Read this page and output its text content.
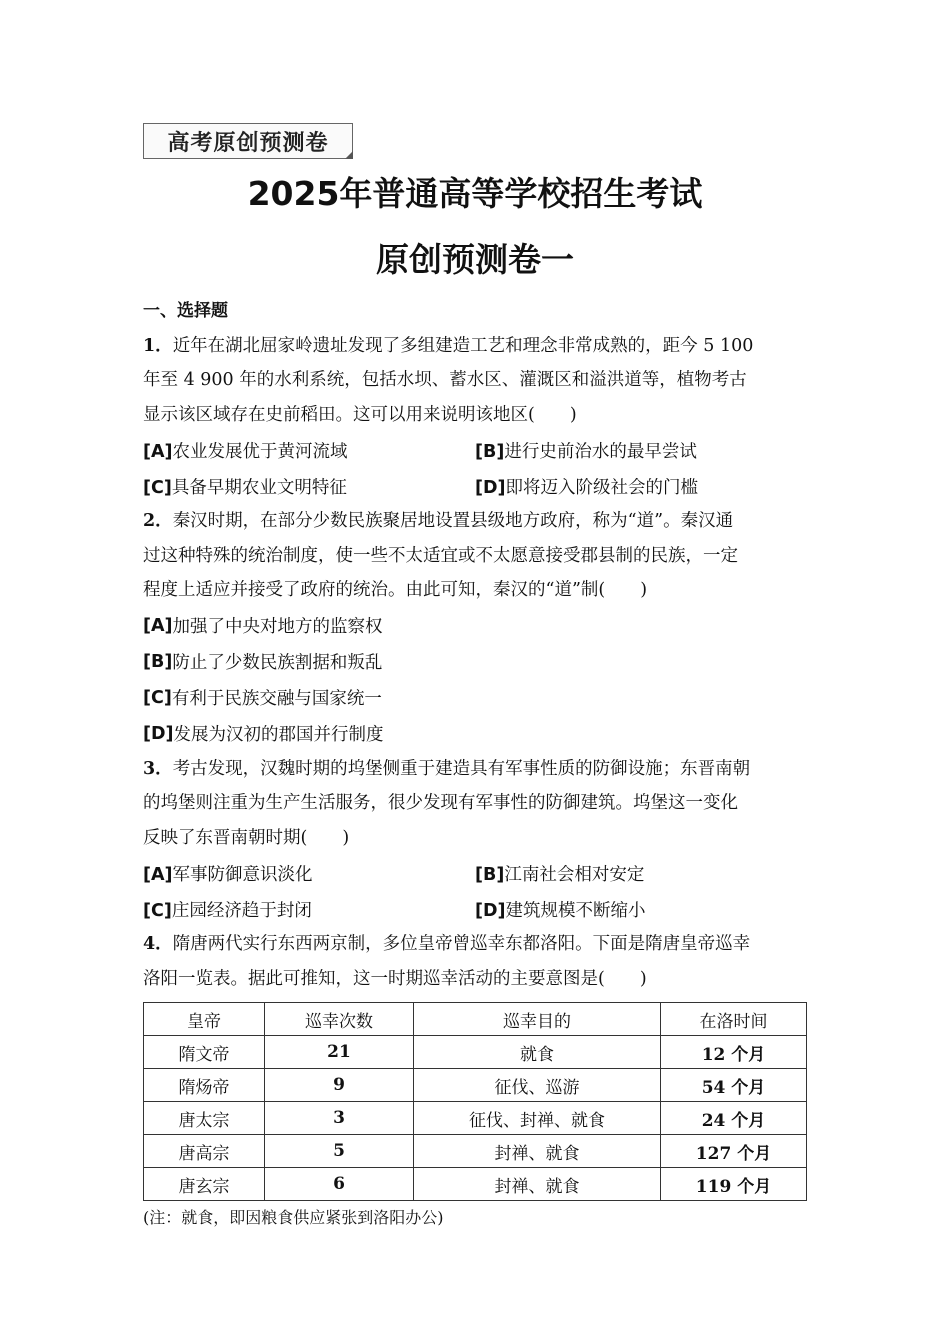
高考原创预测卷
2025年普通高等学校招生考试
原创预测卷一
一、选择题
1．近年在湖北屈家岭遗址发现了多组建造工艺和理念非常成熟的，距今 5 100
年至 4 900 年的水利系统，包括水坝、蓄水区、灌溉区和溢洪道等，植物考古
显示该区域存在史前稻田。这可以用来说明该地区(　　)
[A]农业发展优于黄河流域	[B]进行史前治水的最早尝试
[C]具备早期农业文明特征	[D]即将迈入阶级社会的门槛
2．秦汉时期，在部分少数民族聚居地设置县级地方政府，称为“道”。秦汉通
过这种特殊的统治制度，使一些不太适宜或不太愿意接受郡县制的民族，一定
程度上适应并接受了政府的统治。由此可知，秦汉的“道”制(　　)
[A] 加强了中央对地方的监察权
[B] 防止了少数民族割据和叛乱
[C] 有利于民族交融与国家统一
[D] 发展为汉初的郡国并行制度
3．考古发现，汉魏时期的坞堡侧重于建造具有军事性质的防御设施；东晋南朝
的坞堡则注重为生产生活服务，很少发现有军事性的防御建筑。坞堡这一变化
反映了东晋南朝时期(　　)
[A]军事防御意识淡化	[B]江南社会相对安定
[C]庄园经济趋于封闭	[D]建筑规模不断缩小
4．隋唐两代实行东西两京制，多位皇帝曾巡幸东都洛阳。下面是隋唐皇帝巡幸
洛阳一览表。据此可推知，这一时期巡幸活动的主要意图是(　　)
皇帝	巡幸次数	巡幸目的	在洛时间
隋文帝	21	就食	12 个月
隋炀帝	9	征伐、巡游	54 个月
唐太宗	3	征伐、封禅、就食	24 个月
唐高宗	5	封禅、就食	127 个月
唐玄宗	6	封禅、就食	119 个月
(注：就食，即因粮食供应紧张到洛阳办公)
